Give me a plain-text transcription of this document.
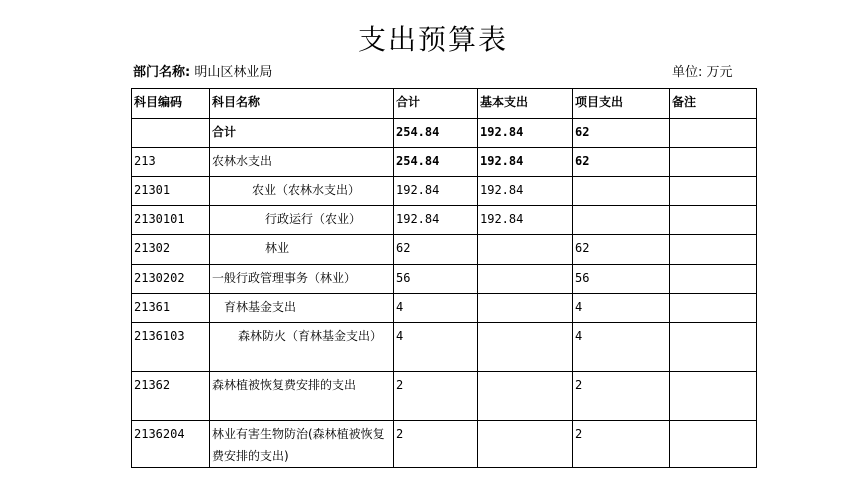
支出预算表
部门名称: 明山区林业局	单位: 万元
科目编码	科目名称	合计	基本支出	项目支出	备注
	合计	254.84	192.84	62	
213	农林水支出	254.84	192.84	62	
21301	农业（农林水支出）	192.84	192.84		
2130101	行政运行（农业）	192.84	192.84		
21302	林业	62		62	
2130202	一般行政管理事务（林业）	56		56	
21361	育林基金支出	4		4	
2136103	森林防火（育林基金支出）	4		4	
21362	森林植被恢复费安排的支出	2		2	
2136204	林业有害生物防治(森林植被恢复费安排的支出)	2		2	
